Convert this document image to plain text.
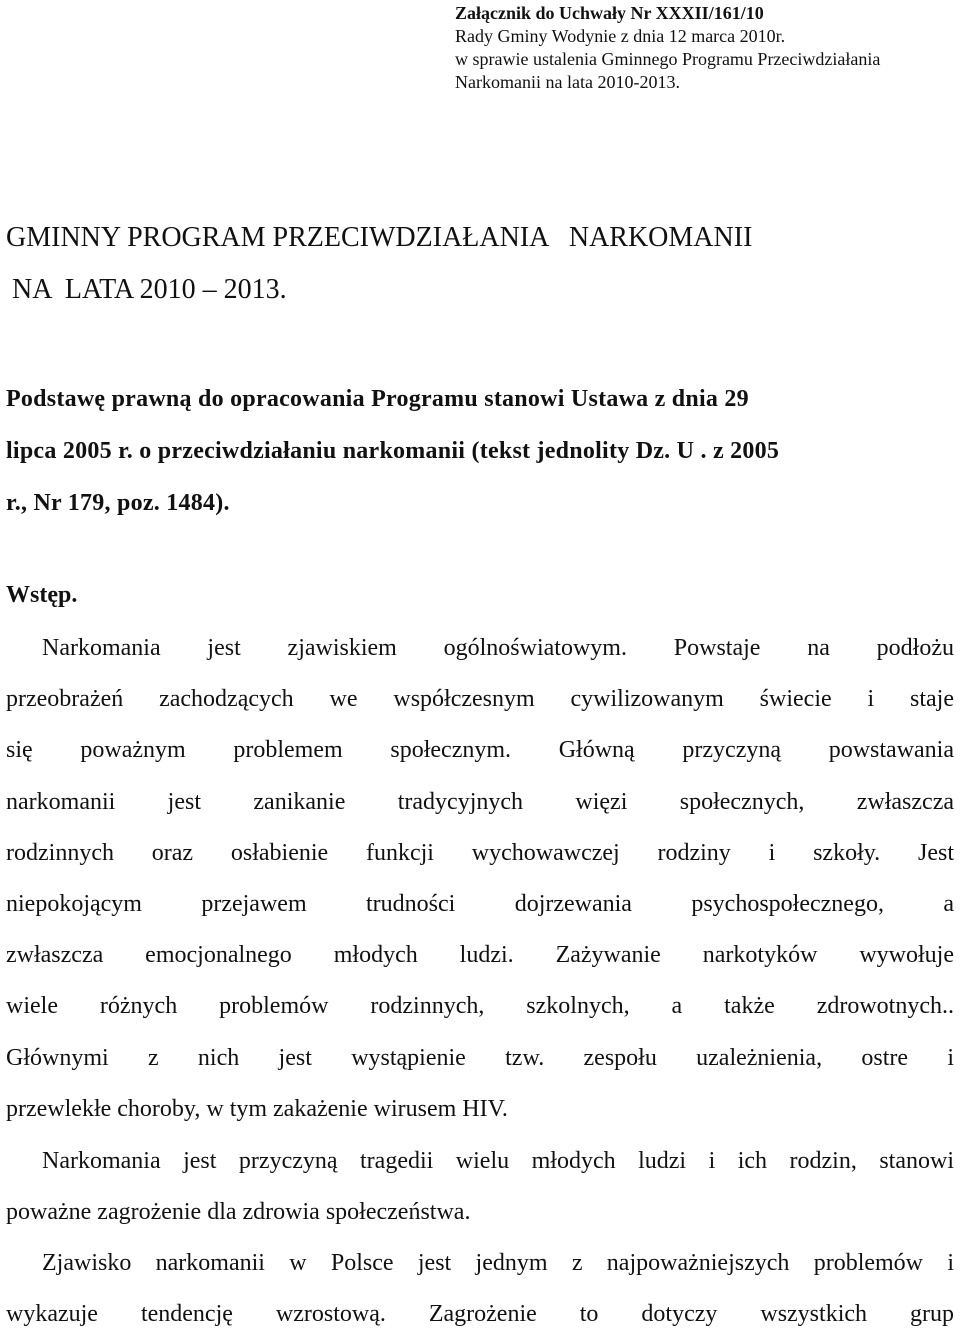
Załącznik do Uchwały Nr XXXII/161/10
Rady Gminy Wodynie z dnia 12 marca 2010r.
w sprawie ustalenia Gminnego Programu Przeciwdziałania
Narkomanii na lata 2010-2013.
GMINNY PROGRAM PRZECIWDZIAŁANIA   NARKOMANII
NA  LATA 2010 – 2013.
Podstawę prawną do opracowania Programu stanowi Ustawa z dnia 29
lipca 2005 r. o przeciwdziałaniu narkomanii (tekst jednolity Dz. U . z 2005
r., Nr 179, poz. 1484).
Wstęp.
Narkomania jest zjawiskiem ogólnoświatowym. Powstaje na podłożu
przeobrażeń zachodzących we współczesnym cywilizowanym świecie i staje
się poważnym problemem społecznym. Główną przyczyną powstawania
narkomanii jest zanikanie tradycyjnych więzi społecznych, zwłaszcza
rodzinnych oraz osłabienie funkcji wychowawczej rodziny i szkoły. Jest
niepokojącym przejawem trudności dojrzewania psychospołecznego, a
zwłaszcza emocjonalnego młodych ludzi. Zażywanie narkotyków wywołuje
wiele różnych problemów rodzinnych, szkolnych, a także zdrowotnych..
Głównymi z nich jest wystąpienie tzw. zespołu uzależnienia, ostre i
przewlekłe choroby, w tym zakażenie wirusem HIV.
Narkomania jest przyczyną tragedii wielu młodych ludzi i ich rodzin, stanowi
poważne zagrożenie dla zdrowia społeczeństwa.
Zjawisko narkomanii w Polsce jest jednym z najpoważniejszych problemów i
wykazuje tendencję wzrostową. Zagrożenie to dotyczy wszystkich grup
